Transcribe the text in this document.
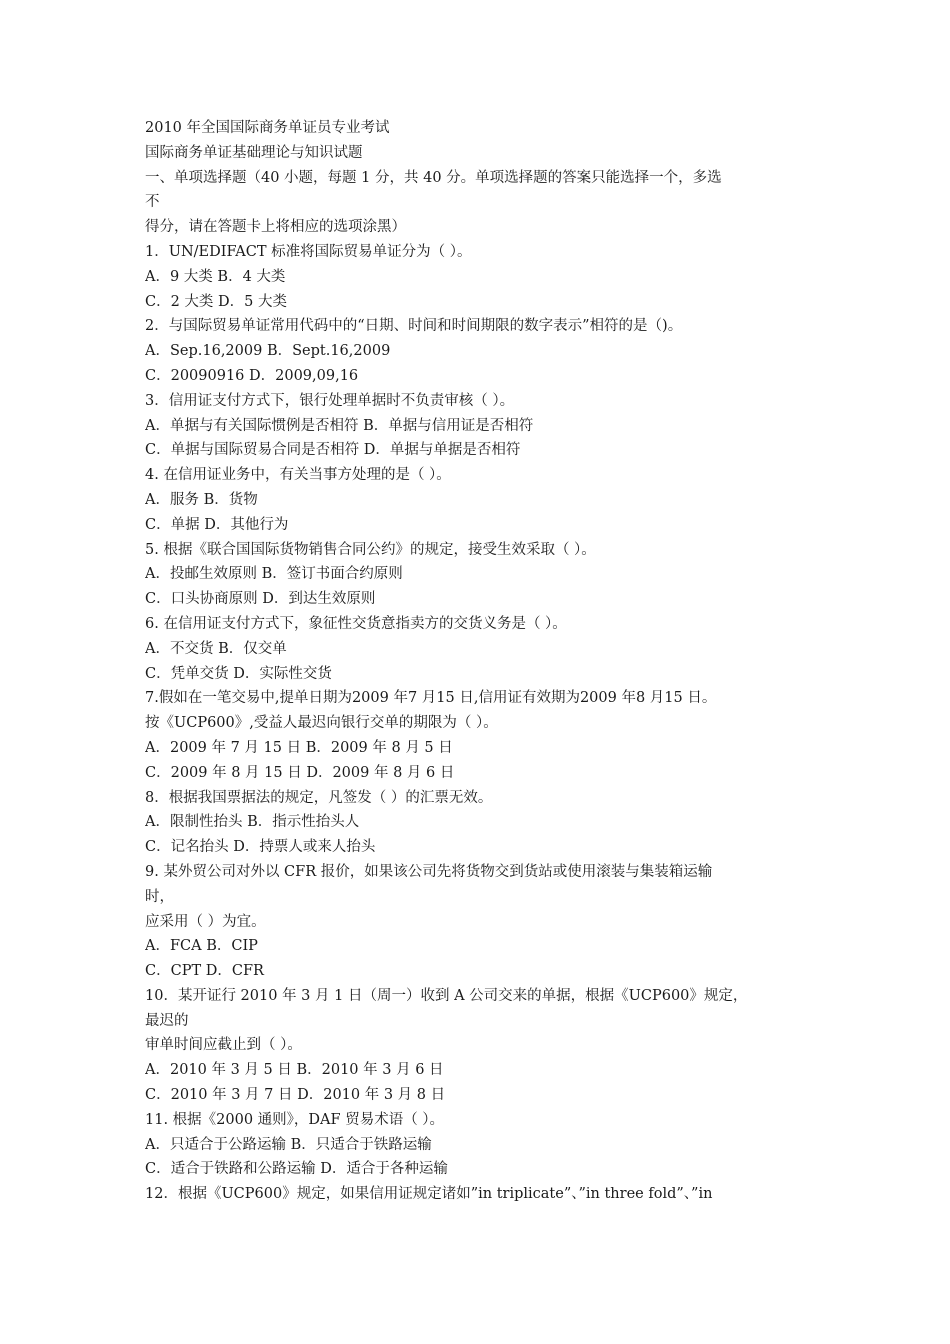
2010 年全国国际商务单证员专业考试
国际商务单证基础理论与知识试题
一、单项选择题（40 小题，每题 1 分，共 40 分。单项选择题的答案只能选择一个，多选
不
得分，请在答题卡上将相应的选项涂黑）
1．UN/EDIFACT 标准将国际贸易单证分为（ ）。
A．9 大类 B．4 大类
C．2 大类 D．5 大类
2．与国际贸易单证常用代码中的“日期、时间和时间期限的数字表示”相符的是（)。
A．Sep.16,2009 B．Sept.16,2009
C．20090916 D．2009,09,16
3．信用证支付方式下，银行处理单据时不负责审核（ ）。
A．单据与有关国际惯例是否相符 B．单据与信用证是否相符
C．单据与国际贸易合同是否相符 D．单据与单据是否相符
4. 在信用证业务中，有关当事方处理的是（ ）。
A．服务 B．货物
C．单据 D．其他行为
5. 根据《联合国国际货物销售合同公约》的规定，接受生效采取（ ）。
A．投邮生效原则 B．签订书面合约原则
C．口头协商原则 D．到达生效原则
6. 在信用证支付方式下，象征性交货意指卖方的交货义务是（ ）。
A．不交货 B．仅交单
C．凭单交货 D．实际性交货
7.假如在一笔交易中,提单日期为2009 年7 月15 日,信用证有效期为2009 年8 月15 日。
按《UCP600》,受益人最迟向银行交单的期限为（ ）。
A．2009 年 7 月 15 日 B．2009 年 8 月 5 日
C．2009 年 8 月 15 日 D．2009 年 8 月 6 日
8．根据我国票据法的规定，凡签发（ ）的汇票无效。
A．限制性抬头 B．指示性抬头人
C．记名抬头 D．持票人或来人抬头
9. 某外贸公司对外以 CFR 报价，如果该公司先将货物交到货站或使用滚装与集装箱运输
时，
应采用（ ）为宜。
A．FCA B．CIP
C．CPT D．CFR
10．某开证行 2010 年 3 月 1 日（周一）收到 A 公司交来的单据，根据《UCP600》规定，
最迟的
审单时间应截止到（ ）。
A．2010 年 3 月 5 日 B．2010 年 3 月 6 日
C．2010 年 3 月 7 日 D．2010 年 3 月 8 日
11. 根据《2000 通则》，DAF 贸易术语（ ）。
A．只适合于公路运输 B．只适合于铁路运输
C．适合于铁路和公路运输 D．适合于各种运输
12．根据《UCP600》规定，如果信用证规定诸如”in triplicate”、”in three fold”、”in
